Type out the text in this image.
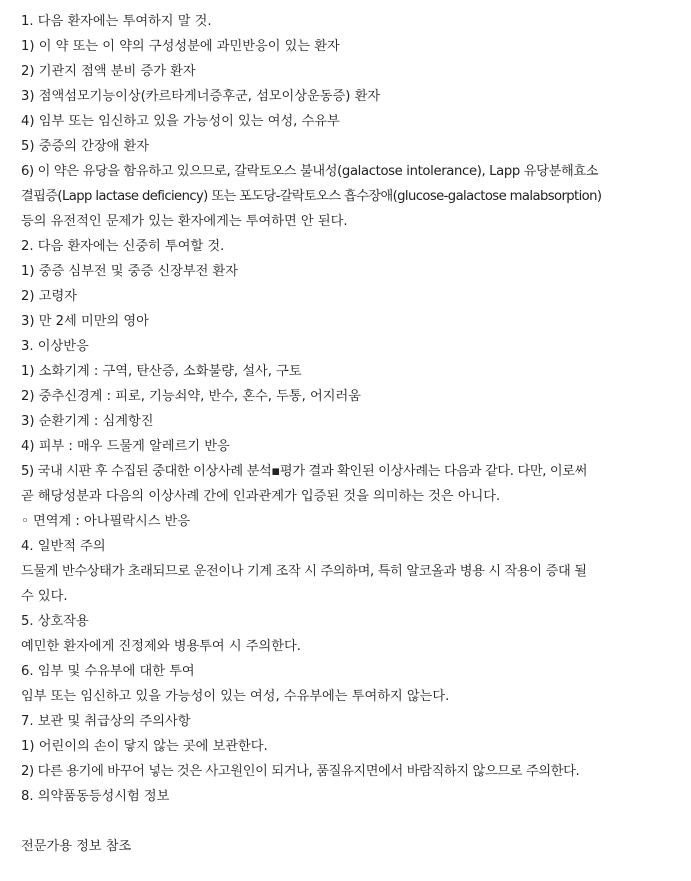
1. 다음 환자에는 투여하지 말 것.
1) 이 약 또는 이 약의 구성성분에 과민반응이 있는 환자
2) 기관지 점액 분비 증가 환자
3) 점액섬모기능이상(카르타게너증후군, 섬모이상운동증) 환자
4) 임부 또는 임신하고 있을 가능성이 있는 여성, 수유부
5) 중증의 간장애 환자
6) 이 약은 유당을 함유하고 있으므로, 갈락토오스 불내성(galactose intolerance), Lapp 유당분해효소
결핍증(Lapp lactase deficiency) 또는 포도당-갈락토오스 흡수장애(glucose-galactose malabsorption)
등의 유전적인 문제가 있는 환자에게는 투여하면 안 된다.
2. 다음 환자에는 신중히 투여할 것.
1) 중증 심부전 및 중증 신장부전 환자
2) 고령자
3) 만 2세 미만의 영아
3. 이상반응
1) 소화기계 : 구역, 탄산증, 소화불량, 설사, 구토
2) 중추신경계 : 피로, 기능쇠약, 반수, 혼수, 두통, 어지러움
3) 순환기계 : 심계항진
4) 피부 : 매우 드물게 알레르기 반응
5) 국내 시판 후 수집된 중대한 이상사례 분석▪평가 결과 확인된 이상사례는 다음과 같다. 다만, 이로써
곧 해당성분과 다음의 이상사례 간에 인과관계가 입증된 것을 의미하는 것은 아니다.
◦ 면역계 : 아나필락시스 반응
4. 일반적 주의
드물게 반수상태가 초래되므로 운전이나 기계 조작 시 주의하며, 특히 알코올과 병용 시 작용이 증대 될
수 있다.
5. 상호작용
예민한 환자에게 진정제와 병용투여 시 주의한다.
6. 임부 및 수유부에 대한 투여
임부 또는 임신하고 있을 가능성이 있는 여성, 수유부에는 투여하지 않는다.
7. 보관 및 취급상의 주의사항
1) 어린이의 손이 닿지 않는 곳에 보관한다.
2) 다른 용기에 바꾸어 넣는 것은 사고원인이 되거나, 품질유지면에서 바람직하지 않으므로 주의한다.
8. 의약품동등성시험 정보
전문가용 정보 참조
